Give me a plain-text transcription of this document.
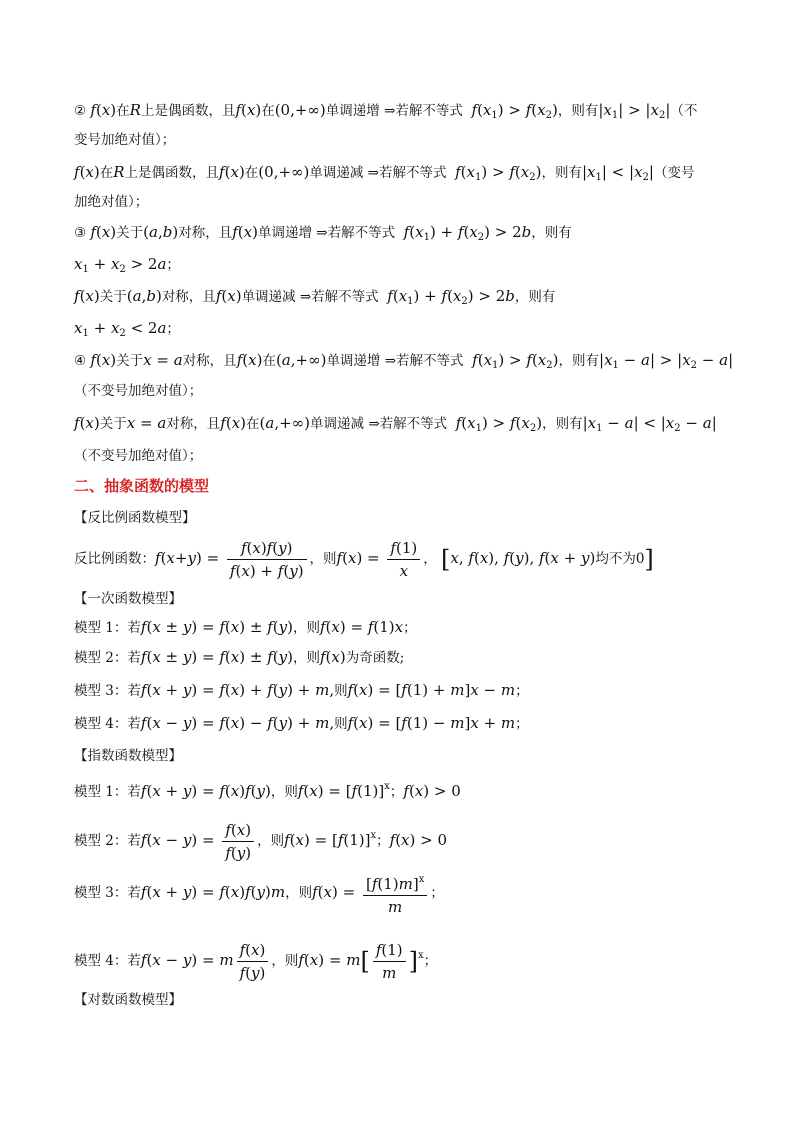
② f(x)在R上是偶函数，且f(x)在(0,+∞)单调递增 ⇒若解不等式 $f(x_1) > f(x_2)$，则有$|x_1| > |x_2|$（不
变号加绝对值）；
f(x)在R上是偶函数，且f(x)在(0,+∞)单调递减 ⇒若解不等式 $f(x_1) > f(x_2)$，则有$|x_1| < |x_2|$（变号
加绝对值）；
③ f(x)关于(a,b)对称，且f(x)单调递增 ⇒若解不等式 $f(x_1) + f(x_2) > 2b$，则有
$x_1 + x_2 > 2a$；
f(x)关于(a,b)对称，且f(x)单调递减 ⇒若解不等式 $f(x_1) + f(x_2) > 2b$，则有
$x_1 + x_2 < 2a$；
④ f(x)关于x = a对称，且f(x)在(a,+∞)单调递增 ⇒若解不等式 $f(x_1) > f(x_2)$，则有$|x_1 - a| > |x_2 - a|$
（不变号加绝对值）；
f(x)关于x = a对称，且f(x)在(a,+∞)单调递减 ⇒若解不等式 $f(x_1) > f(x_2)$，则有$|x_1 - a| < |x_2 - a|$
（不变号加绝对值）；
二、抽象函数的模型
【反比例函数模型】
反比例函数：$f(x+y) = \frac{f(x)f(y)}{f(x) + f(y)}$ ，则$f(x) = \frac{f(1)}{x}$ ， [x, f(x), f(y), f(x + y)均不为0]
【一次函数模型】
模型 1：若f(x ± y) = f(x) ± f(y)，则f(x) = f(1)x；
模型 2：若f(x ± y) = f(x) ± f(y)，则f(x)为奇函数;
模型 3：若f(x + y) = f(x) + f(y) + m,则f(x) = [f(1) + m]x − m；
模型 4：若f(x − y) = f(x) − f(y) + m,则f(x) = [f(1) − m]x + m；
【指数函数模型】
模型 1：若f(x + y) = f(x)f(y)，则$f(x) = [f(1)]^x$；f(x) > 0
模型 2：若$f(x - y) = \frac{f(x)}{f(y)}$ ，则$f(x) = [f(1)]^x$；f(x) > 0
模型 3：若f(x + y) = f(x)f(y)m，则$f(x) = \frac{[f(1)m]^x}{m}$ ；
模型 4：若f(x − y) = m $\frac{f(x)}{f(y)}$ ，则$f(x) = m[ \frac{f(1)}{m} ]^x$；
【对数函数模型】
